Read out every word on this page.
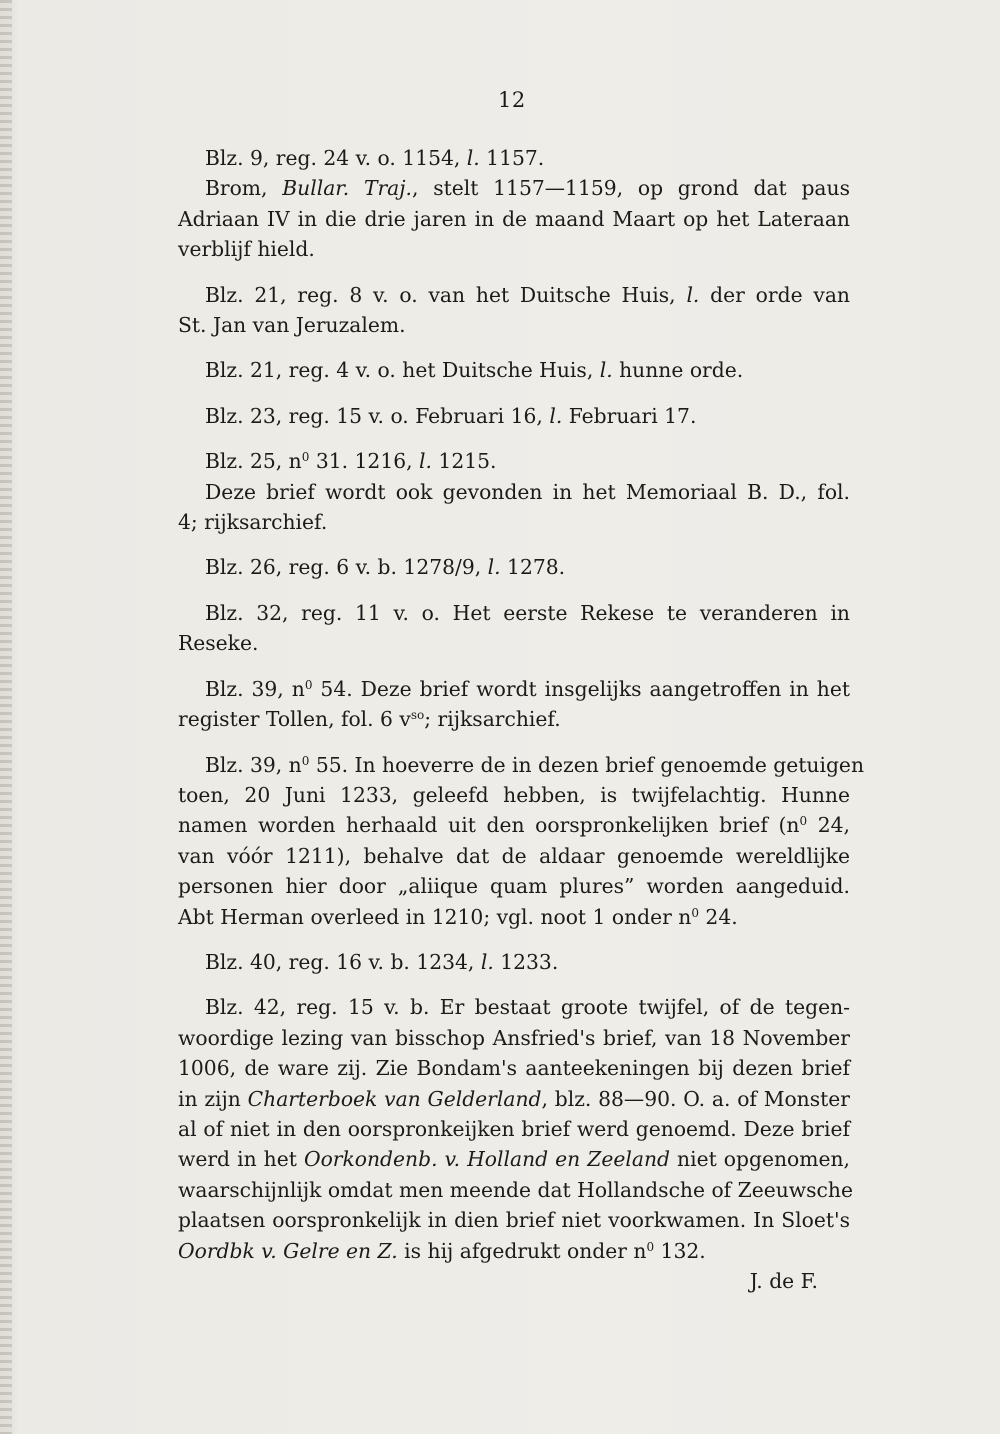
12
Blz. 9, reg. 24 v. o. 1154, l. 1157.
Brom, Bullar. Traj., stelt 1157—1159, op grond dat paus
Adriaan IV in die drie jaren in de maand Maart op het Lateraan
verblijf hield.
Blz. 21, reg. 8 v. o. van het Duitsche Huis, l. der orde van
St. Jan van Jeruzalem.
Blz. 21, reg. 4 v. o. het Duitsche Huis, l. hunne orde.
Blz. 23, reg. 15 v. o. Februari 16, l. Februari 17.
Blz. 25, $n^0$ 31. 1216, l. 1215.
Deze brief wordt ook gevonden in het Memoriaal B. D., fol.
4; rijksarchief.
Blz. 26, reg. 6 v. b. 1278/9, l. 1278.
Blz. 32, reg. 11 v. o. Het eerste Rekese te veranderen in
Reseke.
Blz. 39, $n^0$ 54. Deze brief wordt insgelijks aangetroffen in het
register Tollen, fol. 6 $v^{so}$; rijksarchief.
Blz. 39, $n^0$ 55. In hoeverre de in dezen brief genoemde getuigen
toen, 20 Juni 1233, geleefd hebben, is twijfelachtig. Hunne
namen worden herhaald uit den oorspronkelijken brief ($n^0$ 24,
van vóór 1211), behalve dat de aldaar genoemde wereldlijke
personen hier door „aliique quam plures” worden aangeduid.
Abt Herman overleed in 1210; vgl. noot 1 onder $n^0$ 24.
Blz. 40, reg. 16 v. b. 1234, l. 1233.
Blz. 42, reg. 15 v. b. Er bestaat groote twijfel, of de tegen-
woordige lezing van bisschop Ansfried's brief, van 18 November
1006, de ware zij. Zie Bondam's aanteekeningen bij dezen brief
in zijn Charterboek van Gelderland, blz. 88—90. O. a. of Monster
al of niet in den oorspronkeijken brief werd genoemd. Deze brief
werd in het Oorkondenb. v. Holland en Zeeland niet opgenomen,
waarschijnlijk omdat men meende dat Hollandsche of Zeeuwsche
plaatsen oorspronkelijk in dien brief niet voorkwamen. In Sloet's
Oordbk v. Gelre en Z. is hij afgedrukt onder $n^0$ 132.
J. de F.
